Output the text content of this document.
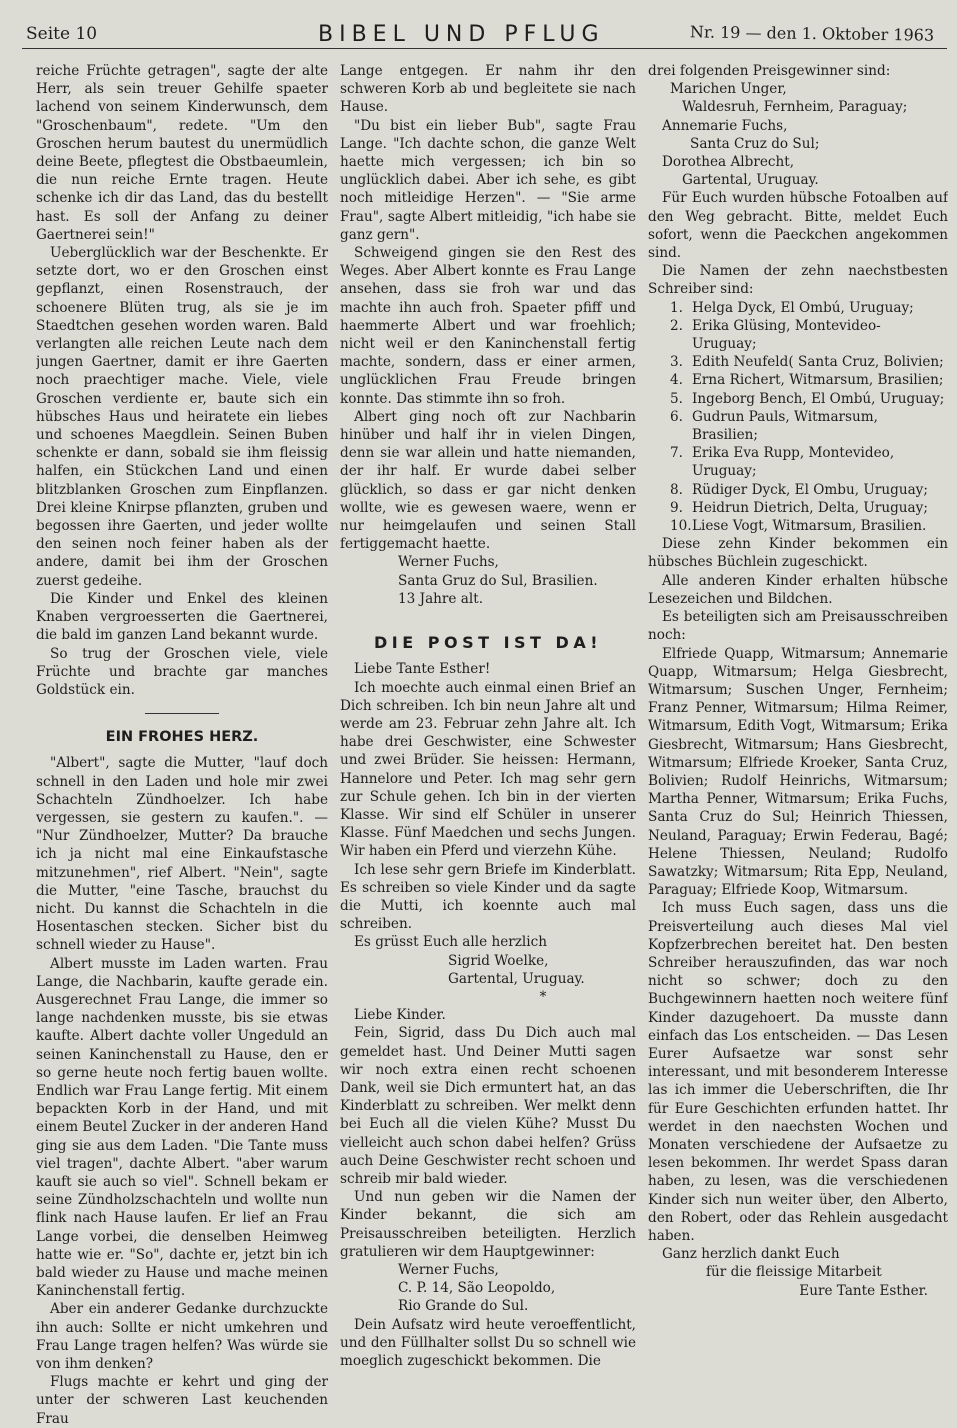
Seite 10	BIBEL UND PFLUG	Nr. 19 — den 1. Oktober 1963

reiche Früchte getragen", sagte der alte Herr, als sein treuer Gehilfe spaeter lachend von seinem Kinderwunsch, dem "Groschenbaum", redete. "Um den Groschen herum bautest du unermüdlich deine Beete, pflegtest die Obstbaeumlein, die nun reiche Ernte tragen. Heute schenke ich dir das Land, das du bestellt hast. Es soll der Anfang zu deiner Gaertnerei sein!"

Ueberglücklich war der Beschenkte. Er setzte dort, wo er den Groschen einst gepflanzt, einen Rosenstrauch, der schoenere Blüten trug, als sie je im Staedtchen gesehen worden waren. Bald verlangten alle reichen Leute nach dem jungen Gaertner, damit er ihre Gaerten noch praechtiger mache. Viele, viele Groschen verdiente er, baute sich ein hübsches Haus und heiratete ein liebes und schoenes Maegdlein. Seinen Buben schenkte er dann, sobald sie ihm fleissig halfen, ein Stückchen Land und einen blitzblanken Groschen zum Einpflanzen. Drei kleine Knirpse pflanzten, gruben und begossen ihre Gaerten, und jeder wollte den seinen noch feiner haben als der andere, damit bei ihm der Groschen zuerst gedeihe.

Die Kinder und Enkel des kleinen Knaben vergroesserten die Gaertnerei, die bald im ganzen Land bekannt wurde.

So trug der Groschen viele, viele Früchte und brachte gar manches Goldstück ein.

EIN FROHES HERZ.

"Albert", sagte die Mutter, "lauf doch schnell in den Laden und hole mir zwei Schachteln Zündhoelzer. Ich habe vergessen, sie gestern zu kaufen.". — "Nur Zündhoelzer, Mutter? Da brauche ich ja nicht mal eine Einkaufstasche mitzunehmen", rief Albert. "Nein", sagte die Mutter, "eine Tasche, brauchst du nicht. Du kannst die Schachteln in die Hosentaschen stecken. Sicher bist du schnell wieder zu Hause".

Albert musste im Laden warten. Frau Lange, die Nachbarin, kaufte gerade ein. Ausgerechnet Frau Lange, die immer so lange nachdenken musste, bis sie etwas kaufte. Albert dachte voller Ungeduld an seinen Kaninchenstall zu Hause, den er so gerne heute noch fertig bauen wollte. Endlich war Frau Lange fertig. Mit einem bepackten Korb in der Hand, und mit einem Beutel Zucker in der anderen Hand ging sie aus dem Laden. "Die Tante muss viel tragen", dachte Albert. "aber warum kauft sie auch so viel". Schnell bekam er seine Zündholzschachteln und wollte nun flink nach Hause laufen. Er lief an Frau Lange vorbei, die denselben Heimweg hatte wie er. "So", dachte er, jetzt bin ich bald wieder zu Hause und mache meinen Kaninchenstall fertig.

Aber ein anderer Gedanke durchzuckte ihn auch: Sollte er nicht umkehren und Frau Lange tragen helfen? Was würde sie von ihm denken?

Flugs machte er kehrt und ging der unter der schweren Last keuchenden Frau

Lange entgegen. Er nahm ihr den schweren Korb ab und begleitete sie nach Hause.

"Du bist ein lieber Bub", sagte Frau Lange. "Ich dachte schon, die ganze Welt haette mich vergessen; ich bin so unglücklich dabei. Aber ich sehe, es gibt noch mitleidige Herzen". — "Sie arme Frau", sagte Albert mitleidig, "ich habe sie ganz gern".

Schweigend gingen sie den Rest des Weges. Aber Albert konnte es Frau Lange ansehen, dass sie froh war und das machte ihn auch froh. Spaeter pfiff und haemmerte Albert und war froehlich; nicht weil er den Kaninchenstall fertig machte, sondern, dass er einer armen, unglücklichen Frau Freude bringen konnte. Das stimmte ihn so froh.

Albert ging noch oft zur Nachbarin hinüber und half ihr in vielen Dingen, denn sie war allein und hatte niemanden, der ihr half. Er wurde dabei selber glücklich, so dass er gar nicht denken wollte, wie es gewesen waere, wenn er nur heimgelaufen und seinen Stall fertiggemacht haette.

Werner Fuchs,

Santa Gruz do Sul, Brasilien.

13 Jahre alt.

DIE POST IST DA!

Liebe Tante Esther!

Ich moechte auch einmal einen Brief an Dich schreiben. Ich bin neun Jahre alt und werde am 23. Februar zehn Jahre alt. Ich habe drei Geschwister, eine Schwester und zwei Brüder. Sie heissen: Hermann, Hannelore und Peter. Ich mag sehr gern zur Schule gehen. Ich bin in der vierten Klasse. Wir sind elf Schüler in unserer Klasse. Fünf Maedchen und sechs Jungen. Wir haben ein Pferd und vierzehn Kühe.

Ich lese sehr gern Briefe im Kinderblatt. Es schreiben so viele Kinder und da sagte die Mutti, ich koennte auch mal schreiben.

Es grüsst Euch alle herzlich

Sigrid Woelke,

Gartental, Uruguay.

*

Liebe Kinder.

Fein, Sigrid, dass Du Dich auch mal gemeldet hast. Und Deiner Mutti sagen wir noch extra einen recht schoenen Dank, weil sie Dich ermuntert hat, an das Kinderblatt zu schreiben. Wer melkt denn bei Euch all die vielen Kühe? Musst Du vielleicht auch schon dabei helfen? Grüss auch Deine Geschwister recht schoen und schreib mir bald wieder.

Und nun geben wir die Namen der Kinder bekannt, die sich am Preisausschreiben beteiligten. Herzlich gratulieren wir dem Hauptgewinner:

Werner Fuchs,

C. P. 14, São Leopoldo,

Rio Grande do Sul.

Dein Aufsatz wird heute veroeffentlicht, und den Füllhalter sollst Du so schnell wie moeglich zugeschickt bekommen. Die

drei folgenden Preisgewinner sind:

Marichen Unger,

Waldesruh, Fernheim, Paraguay;

Annemarie Fuchs,

Santa Cruz do Sul;

Dorothea Albrecht,

Gartental, Uruguay.

Für Euch wurden hübsche Fotoalben auf den Weg gebracht. Bitte, meldet Euch sofort, wenn die Paeckchen angekommen sind.

Die Namen der zehn naechstbesten Schreiber sind:

1. Helga Dyck, El Ombú, Uruguay;
2. Erika Glüsing, Montevideo- Uruguay;
3. Edith Neufeld( Santa Cruz, Bolivien;
4. Erna Richert, Witmarsum, Brasilien;
5. Ingeborg Bench, El Ombú, Uruguay;
6. Gudrun Pauls, Witmarsum, Brasilien;
7. Erika Eva Rupp, Montevideo, Uruguay;
8. Rüdiger Dyck, El Ombu, Uruguay;
9. Heidrun Dietrich, Delta, Uruguay;
10.Liese Vogt, Witmarsum, Brasilien.

Diese zehn Kinder bekommen ein hübsches Büchlein zugeschickt.

Alle anderen Kinder erhalten hübsche Lesezeichen und Bildchen.

Es beteiligten sich am Preisausschreiben noch:

Elfriede Quapp, Witmarsum; Annemarie Quapp, Witmarsum; Helga Giesbrecht, Witmarsum; Suschen Unger, Fernheim; Franz Penner, Witmarsum; Hilma Reimer, Witmarsum, Edith Vogt, Witmarsum; Erika Giesbrecht, Witmarsum; Hans Giesbrecht, Witmarsum; Elfriede Kroeker, Santa Cruz, Bolivien; Rudolf Heinrichs, Witmarsum; Martha Penner, Witmarsum; Erika Fuchs, Santa Cruz do Sul; Heinrich Thiessen, Neuland, Paraguay; Erwin Federau, Bagé; Helene Thiessen, Neuland; Rudolfo Sawatzky; Witmarsum; Rita Epp, Neuland, Paraguay; Elfriede Koop, Witmarsum.

Ich muss Euch sagen, dass uns die Preisverteilung auch dieses Mal viel Kopfzerbrechen bereitet hat. Den besten Schreiber herauszufinden, das war noch nicht so schwer; doch zu den Buchgewinnern haetten noch weitere fünf Kinder dazugehoert. Da musste dann einfach das Los entscheiden. — Das Lesen Eurer Aufsaetze war sonst sehr interessant, und mit besonderem Interesse las ich immer die Ueberschriften, die Ihr für Eure Geschichten erfunden hattet. Ihr werdet in den naechsten Wochen und Monaten verschiedene der Aufsaetze zu lesen bekommen. Ihr werdet Spass daran haben, zu lesen, was die verschiedenen Kinder sich nun weiter über, den Alberto, den Robert, oder das Rehlein ausgedacht haben.

Ganz herzlich dankt Euch

für die fleissige Mitarbeit

Eure Tante Esther.
